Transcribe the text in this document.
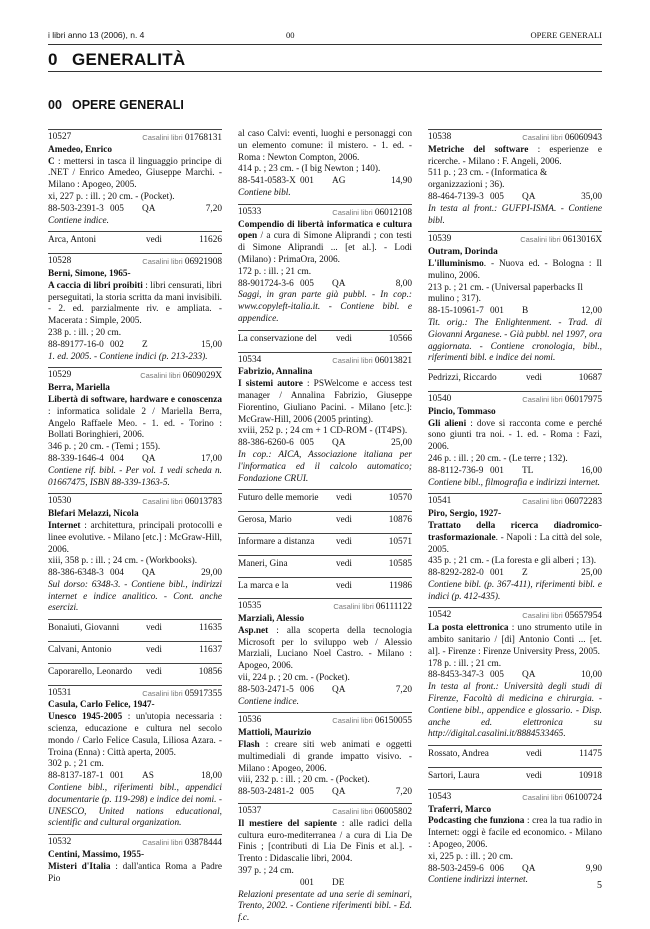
i libri anno 13 (2006), n. 4	00	OPERE GENERALI
0 GENERALITÀ
00 OPERE GENERALI
10527	Casalini libri 01768131
Amedeo, Enrico
C : mettersi in tasca il linguaggio principe di .NET / Enrico Amedeo, Giuseppe Marchi. - Milano : Apogeo, 2005.
xi, 227 p. : ill. ; 20 cm. - (Pocket).
88-503-2391-3 005	QA	7,20
Contiene indice.
Arca, Antoni	vedi	11626
10528	Casalini libri 06921908
Berni, Simone, 1965-
A caccia di libri proibiti : libri censurati, libri perseguitati, la storia scritta da mani invisibili. - 2. ed. parzialmente riv. e ampliata. - Macerata : Simple, 2005.
238 p. : ill. ; 20 cm.
88-89177-16-0 002	Z	15,00
1. ed. 2005. - Contiene indici (p. 213-233).
10529	Casalini libri 0609029X
Berra, Mariella
Libertà di software, hardware e conoscenza : informatica solidale 2 / Mariella Berra, Angelo Raffaele Meo. - 1. ed. - Torino : Bollati Boringhieri, 2006.
346 p. ; 20 cm. - (Temi ; 155).
88-339-1646-4 004	QA	17,00
Contiene rif. bibl. - Per vol. 1 vedi scheda n. 01667475, ISBN 88-339-1363-5.
10530	Casalini libri 06013783
Blefari Melazzi, Nicola
Internet : architettura, principali protocolli e linee evolutive. - Milano [etc.] : McGraw-Hill, 2006.
xiii, 358 p. : ill. ; 24 cm. - (Workbooks).
88-386-6348-3 004	QA	29,00
Sul dorso: 6348-3. - Contiene bibl., indirizzi internet e indice analitico. - Cont. anche esercizi.
Bonaiuti, Giovanni	vedi	11635
Calvani, Antonio	vedi	11637
Caporarello, Leonardo	vedi	10856
10531	Casalini libri 05917355
Casula, Carlo Felice, 1947-
Unesco 1945-2005 : un'utopia necessaria : scienza, educazione e cultura nel secolo mondo / Carlo Felice Casula, Liliosa Azara. - Troina (Enna) : Città aperta, 2005.
302 p. ; 21 cm.
88-8137-187-1 001	AS	18,00
Contiene bibl., riferimenti bibl., appendici documentarie (p. 119-298) e indice dei nomi. - UNESCO, United nations educational, scientific and cultural organization.
10532	Casalini libri 03878444
Centini, Massimo, 1955-
Misteri d'Italia : dall'antica Roma a Padre Pio
al caso Calvi: eventi, luoghi e personaggi con un elemento comune: il mistero. - 1. ed. - Roma : Newton Compton, 2006.
414 p. ; 23 cm. - (I big Newton ; 140).
88-541-0583-X 001	AG	14,90
Contiene bibl.
10533	Casalini libri 06012108
Compendio di libertà informatica e cultura open / a cura di Simone Aliprandi ; con testi di Simone Aliprandi ... [et al.]. - Lodi (Milano) : PrimaOra, 2006.
172 p. : ill. ; 21 cm.
88-901724-3-6 005	QA	8,00
Saggi, in gran parte già pubbl. - In cop.: www.copyleft-italia.it. - Contiene bibl. e appendice.
La conservazione del	vedi	10566
10534	Casalini libri 06013821
Fabrizio, Annalina
I sistemi autore : PSWelcome e access test manager / Annalina Fabrizio, Giuseppe Fiorentino, Giuliano Pacini. - Milano [etc.]: McGraw-Hill, 2006 (2005 printing).
xviii, 252 p. ; 24 cm + 1 CD-ROM - (IT4PS).
88-386-6260-6 005	QA	25,00
In cop.: AICA, Associazione italiana per l'informatica ed il calcolo automatico; Fondazione CRUI.
Futuro delle memorie	vedi	10570
Gerosa, Mario	vedi	10876
Informare a distanza	vedi	10571
Maneri, Gina	vedi	10585
La marca e la	vedi	11986
10535	Casalini libri 06111122
Marzialì, Alessio
Asp.net : alla scoperta della tecnologia Microsoft per lo sviluppo web / Alessio Marziali, Luciano Noel Castro. - Milano : Apogeo, 2006.
vii, 224 p. ; 20 cm. - (Pocket).
88-503-2471-5 006	QA	7,20
Contiene indice.
10536	Casalini libri 06150055
Mattioli, Maurizio
Flash : creare siti web animati e oggetti multimediali di grande impatto visivo. - Milano : Apogeo, 2006.
viii, 232 p. : ill. ; 20 cm. - (Pocket).
88-503-2481-2 005	QA	7,20
10537	Casalini libri 06005802
Il mestiere del sapiente : alle radici della cultura euro-mediterranea / a cura di Lia De Finis ; [contributi di Lia De Finis et al.]. - Trento : Didascalie libri, 2004.
397 p. ; 24 cm.
001	DE
Relazioni presentate ad una serie di seminari, Trento, 2002. - Contiene riferimenti bibl. - Ed. f.c.
10538	Casalini libri 06060943
Metriche del software : esperienze e ricerche. - Milano : F. Angeli, 2006.
511 p. ; 23 cm. - (Informatica & organizzazioni ; 36).
88-464-7139-3 005	QA	35,00
In testa al front.: GUFPI-ISMA. - Contiene bibl.
10539	Casalini libri 0613016X
Outram, Dorinda
L'illuminismo. - Nuova ed. - Bologna : Il mulino, 2006.
213 p. ; 21 cm. - (Universal paperbacks Il mulino ; 317).
88-15-10961-7 001	B	12,00
Tit. orig.: The Enlightenment. - Trad. di Giovanni Arganese. - Già pubbl. nel 1997, ora aggiornata. - Contiene cronologia, bibl., riferimenti bibl. e indice dei nomi.
Pedrizzi, Riccardo	vedi	10687
10540	Casalini libri 06017975
Pincio, Tommaso
Gli alieni : dove si racconta come e perché sono giunti tra noi. - 1. ed. - Roma : Fazi, 2006.
246 p. : ill. ; 20 cm. - (Le terre ; 132).
88-8112-736-9 001	TL	16,00
Contiene bibl., filmografia e indirizzi internet.
10541	Casalini libri 06072283
Piro, Sergio, 1927-
Trattato della ricerca diadromico-trasformazionale. - Napoli : La città del sole, 2005.
435 p. ; 21 cm. - (La foresta e gli alberi ; 13).
88-8292-282-0 001	Z	25,00
Contiene bibl. (p. 367-411), riferimenti bibl. e indici (p. 412-435).
10542	Casalini libri 05657954
La posta elettronica : uno strumento utile in ambito sanitario / [di] Antonio Conti ... [et. al]. - Firenze : Firenze University Press, 2005.
178 p. : ill. ; 21 cm.
88-8453-347-3 005	QA	10,00
In testa al front.: Università degli studi di Firenze, Facoltà di medicina e chirurgia. - Contiene bibl., appendice e glossario. - Disp. anche ed. elettronica su http://digital.casalini.it/8884533465.
Rossato, Andrea	vedi	11475
Sartori, Laura	vedi	10918
10543	Casalini libri 06100724
Traferri, Marco
Podcasting che funziona : crea la tua radio in Internet: oggi è facile ed economico. - Milano : Apogeo, 2006.
xi, 225 p. : ill. ; 20 cm.
88-503-2459-6 006	QA	9,90
Contiene indirizzi internet.	5
